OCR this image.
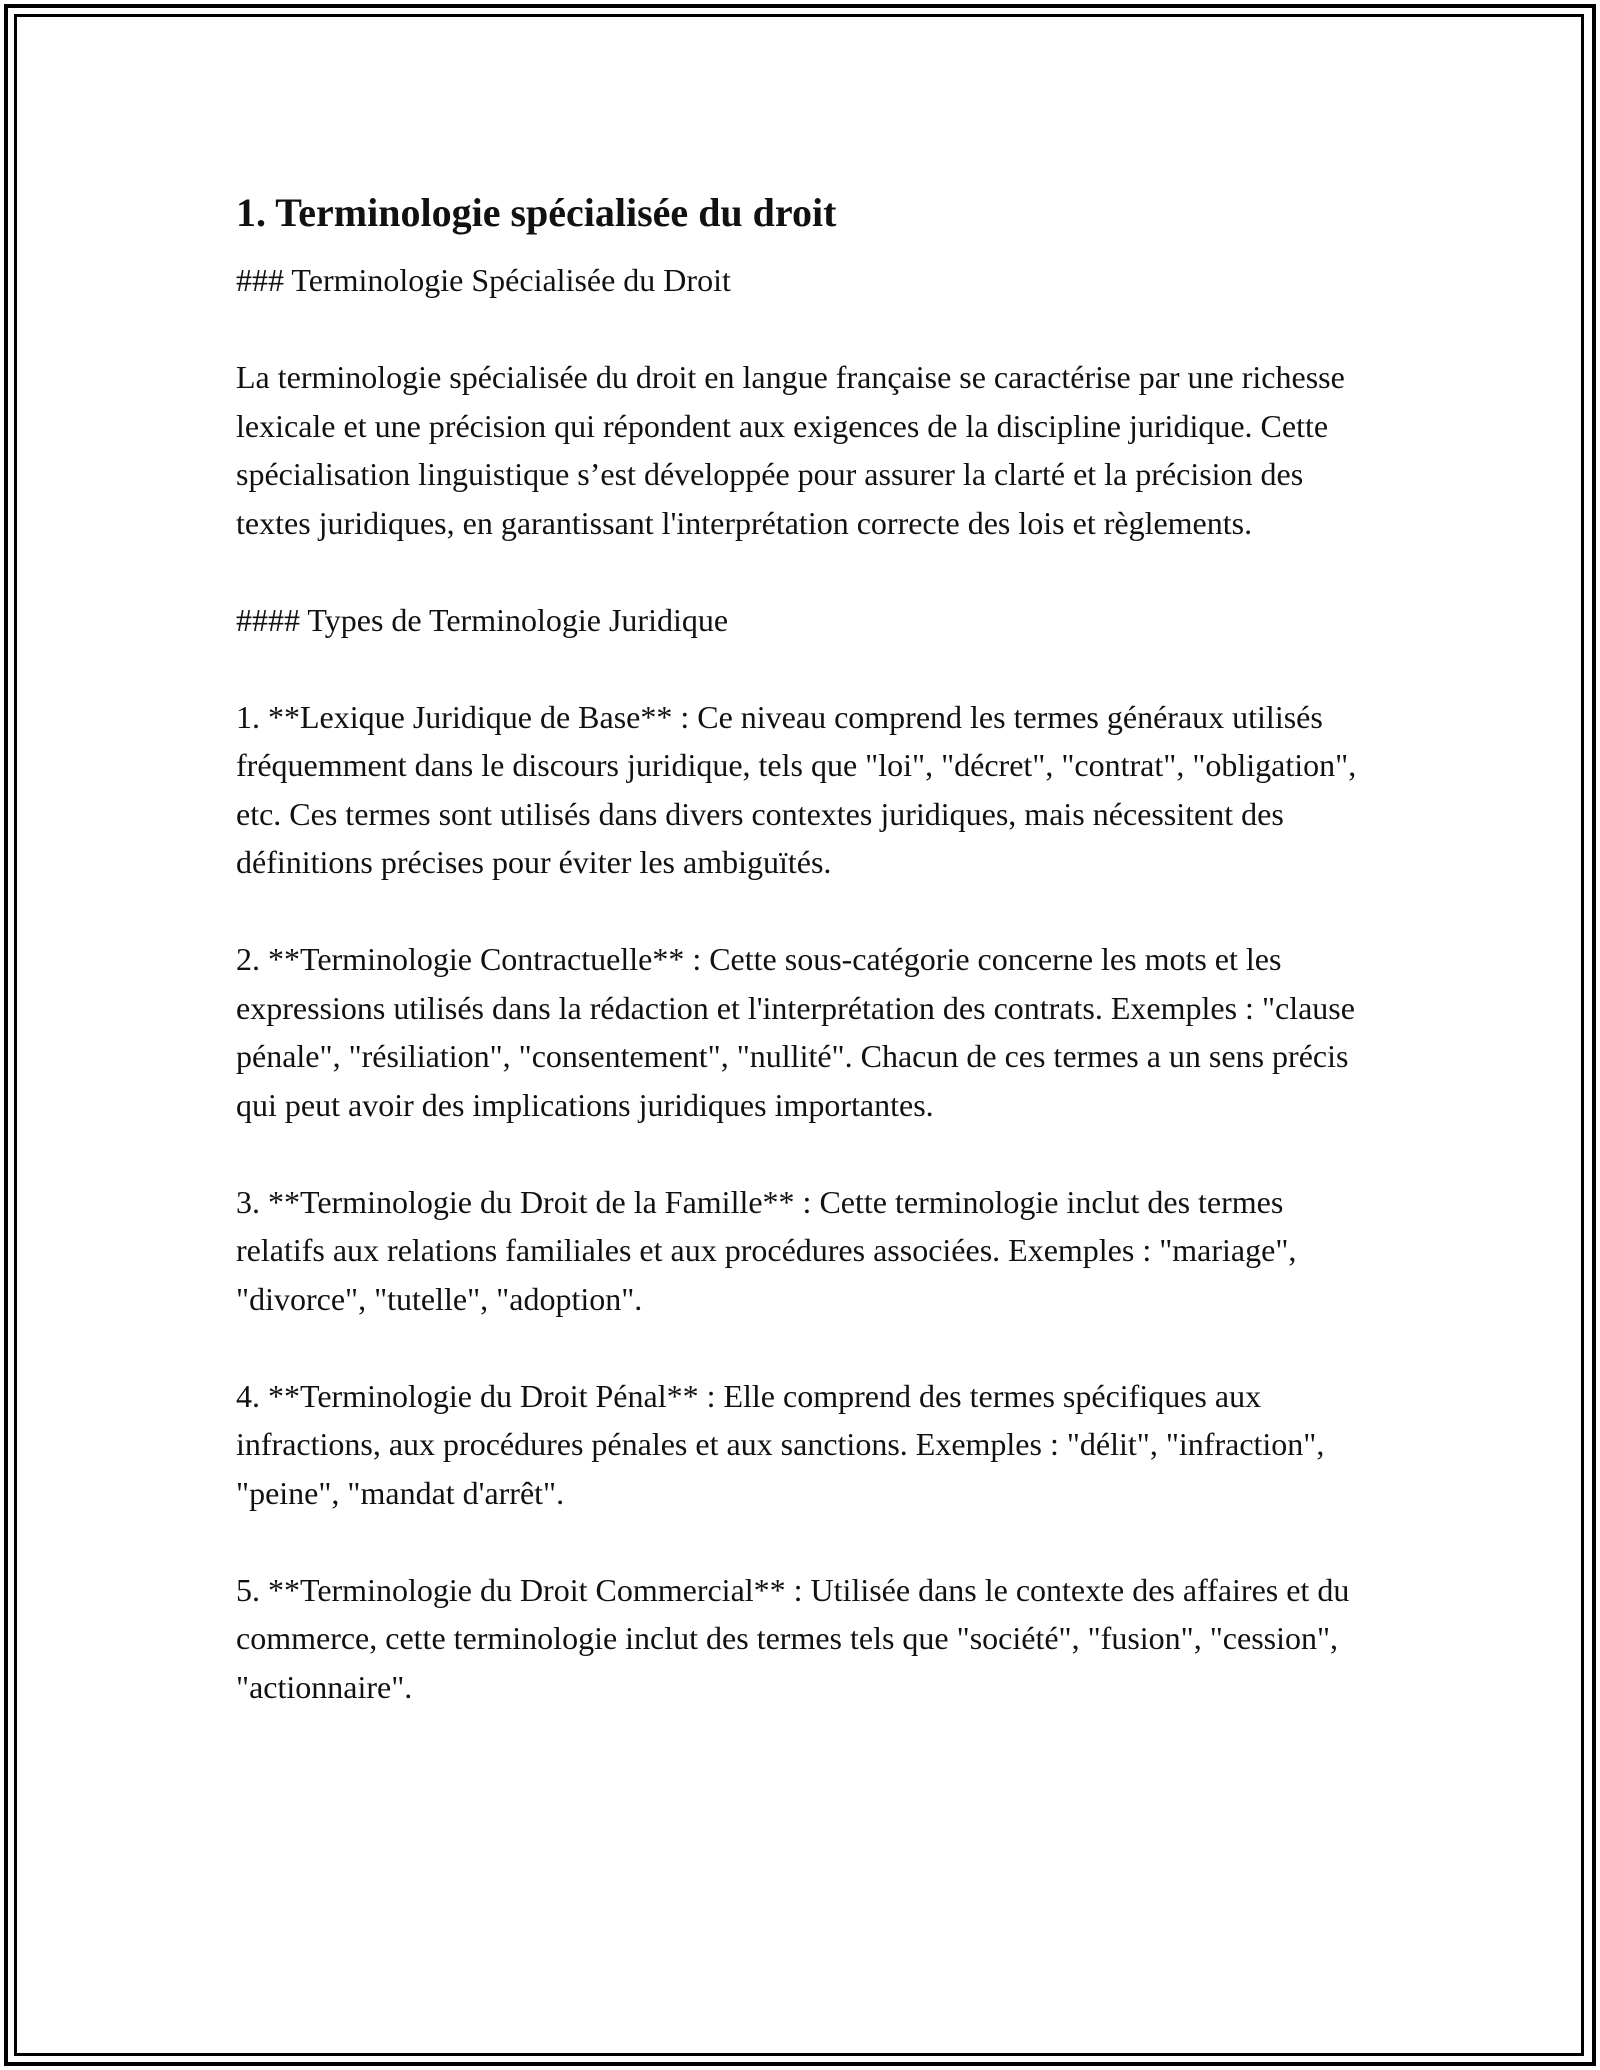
1. Terminologie spécialisée du droit

### Terminologie Spécialisée du Droit

La terminologie spécialisée du droit en langue française se caractérise par une richesse lexicale et une précision qui répondent aux exigences de la discipline juridique. Cette spécialisation linguistique s’est développée pour assurer la clarté et la précision des textes juridiques, en garantissant l'interprétation correcte des lois et règlements.

#### Types de Terminologie Juridique

1. **Lexique Juridique de Base** : Ce niveau comprend les termes généraux utilisés fréquemment dans le discours juridique, tels que "loi", "décret", "contrat", "obligation", etc. Ces termes sont utilisés dans divers contextes juridiques, mais nécessitent des définitions précises pour éviter les ambiguïtés.

2. **Terminologie Contractuelle** : Cette sous-catégorie concerne les mots et les expressions utilisés dans la rédaction et l'interprétation des contrats. Exemples : "clause pénale", "résiliation", "consentement", "nullité". Chacun de ces termes a un sens précis qui peut avoir des implications juridiques importantes.

3. **Terminologie du Droit de la Famille** : Cette terminologie inclut des termes relatifs aux relations familiales et aux procédures associées. Exemples : "mariage", "divorce", "tutelle", "adoption".

4. **Terminologie du Droit Pénal** : Elle comprend des termes spécifiques aux infractions, aux procédures pénales et aux sanctions. Exemples : "délit", "infraction", "peine", "mandat d'arrêt".

5. **Terminologie du Droit Commercial** : Utilisée dans le contexte des affaires et du commerce, cette terminologie inclut des termes tels que "société", "fusion", "cession", "actionnaire".
